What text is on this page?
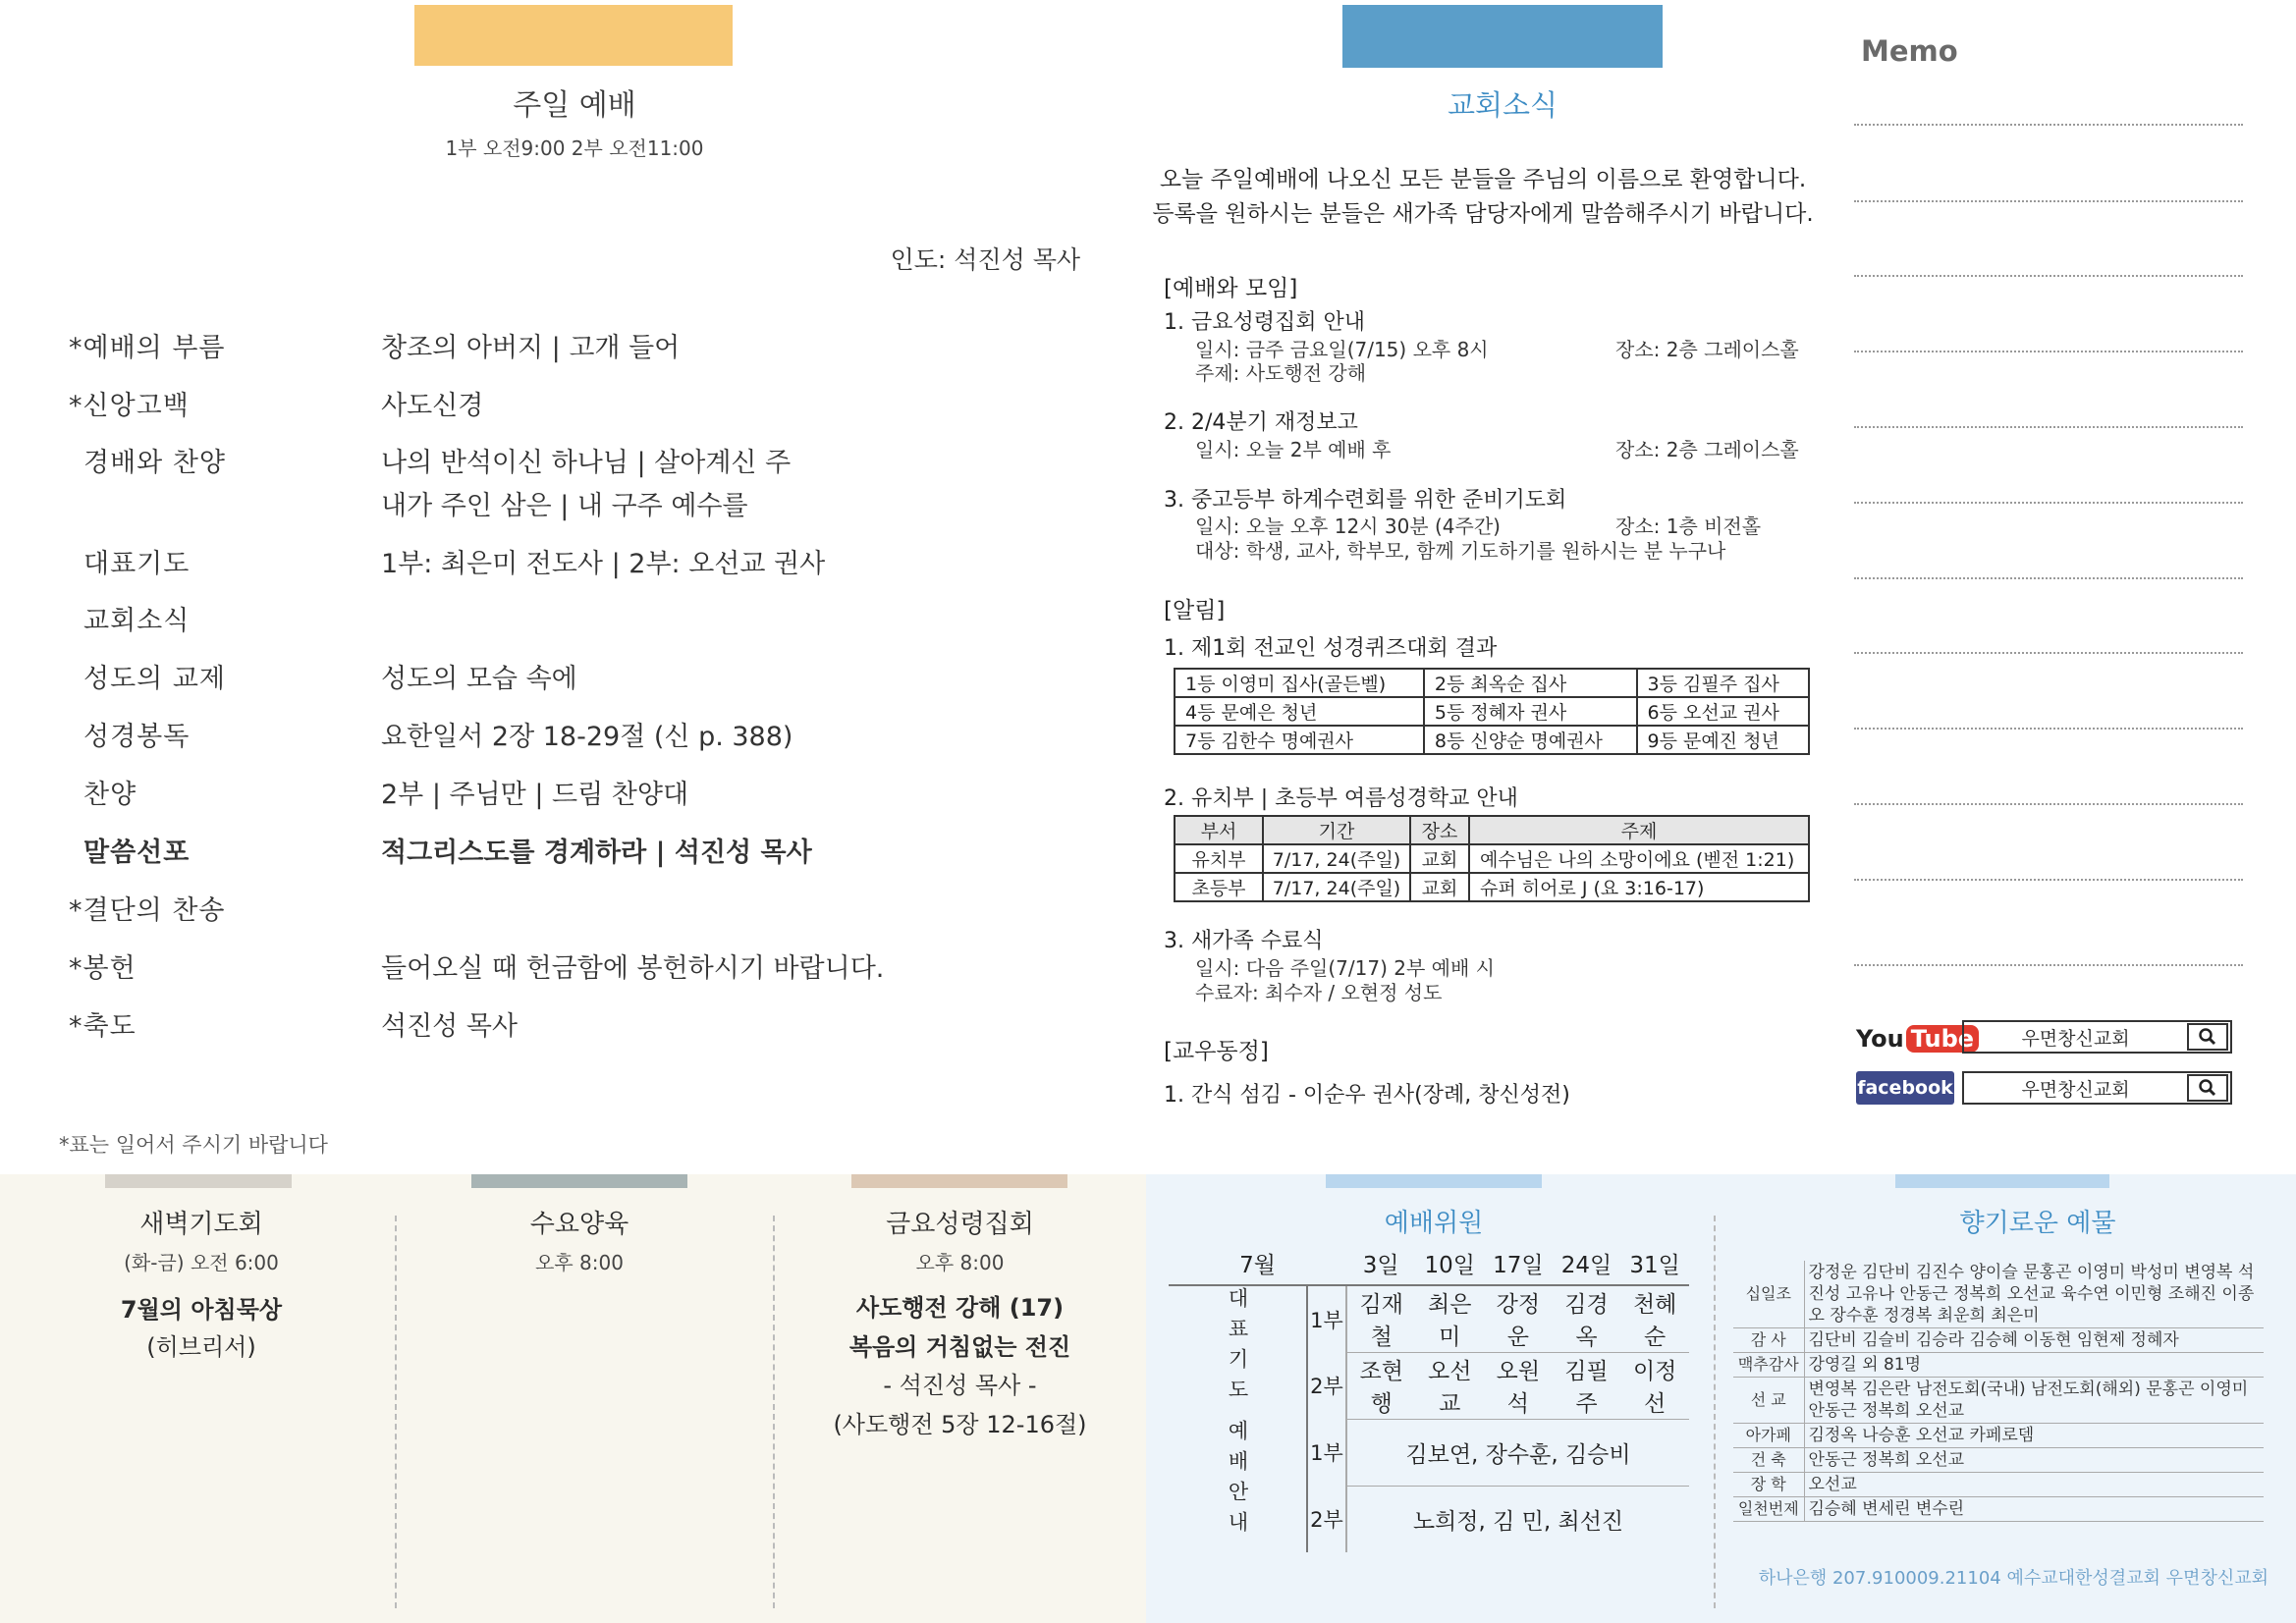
주일 예배
1부 오전9:00 2부 오전11:00
인도: 석진성 목사
*예배의 부름	창조의 아버지 | 고개 들어
*신앙고백	사도신경
경배와 찬양	나의 반석이신 하나님 | 살아계신 주
내가 주인 삼은 | 내 구주 예수를
대표기도	1부: 최은미 전도사 | 2부: 오선교 권사
교회소식
성도의 교제	성도의 모습 속에
성경봉독	요한일서 2장 18-29절 (신 p. 388)
찬양	2부 | 주님만 | 드림 찬양대
말씀선포	적그리스도를 경계하라 | 석진성 목사
*결단의 찬송
*봉헌	들어오실 때 헌금함에 봉헌하시기 바랍니다.
*축도	석진성 목사
*표는 일어서 주시기 바랍니다
교회소식
오늘 주일예배에 나오신 모든 분들을 주님의 이름으로 환영합니다.
등록을 원하시는 분들은 새가족 담당자에게 말씀해주시기 바랍니다.
[예배와 모임]
1. 금요성령집회 안내
일시: 금주 금요일(7/15) 오후 8시	장소: 2층 그레이스홀
주제: 사도행전 강해
2. 2/4분기 재정보고
일시: 오늘 2부 예배 후	장소: 2층 그레이스홀
3. 중고등부 하계수련회를 위한 준비기도회
일시: 오늘 오후 12시 30분 (4주간)	장소: 1층 비전홀
대상: 학생, 교사, 학부모, 함께 기도하기를 원하시는 분 누구나
[알림]
1. 제1회 전교인 성경퀴즈대회 결과
1등 이영미 집사(골든벨)	2등 최옥순 집사	3등 김필주 집사
4등 문예은 청년	5등 정혜자 권사	6등 오선교 권사
7등 김한수 명예권사	8등 신양순 명예권사	9등 문예진 청년
2. 유치부 | 초등부 여름성경학교 안내
부서	기간	장소	주제
유치부	7/17, 24(주일)	교회	예수님은 나의 소망이에요 (벧전 1:21)
초등부	7/17, 24(주일)	교회	슈퍼 히어로 J (요 3:16-17)
3. 새가족 수료식
일시: 다음 주일(7/17) 2부 예배 시
수료자: 최수자 / 오현정 성도
[교우동정]
1. 간식 섬김 - 이순우 권사(장례, 창신성전)
Memo
You Tube	우면창신교회
facebook	우면창신교회
새벽기도회
(화-금) 오전 6:00
7월의 아침묵상
(히브리서)
수요양육
오후 8:00
금요성령집회
오후 8:00
사도행전 강해 (17)
복음의 거침없는 전진
- 석진성 목사 -
(사도행전 5장 12-16절)
예배위원
7월		3일	10일	17일	24일	31일
대표기도	1부	김재철	최은미	강정운	김경옥	천혜순
	2부	조현행	오선교	오원석	김필주	이정선
예배안내	1부	김보연, 장수훈, 김승비				
	2부	노희정, 김 민, 최선진				
향기로운 예물
십일조	강정운 김단비 김진수 양이슬 문홍곤 이영미 박성미 변영복 석진성 고유나 안동근 정복희 오선교 육수연 이민형 조해진 이종오 장수훈 정경복 최운희 최은미
감 사	김단비 김슬비 김승라 김승혜 이동현 임현제 정혜자
맥추감사	강영길 외 81명
선 교	변영복 김은란 남전도회(국내) 남전도회(해외) 문홍곤 이영미 안동근 정복희 오선교
아가페	김정옥 나승훈 오선교 카페로뎀
건 축	안동근 정복희 오선교
장 학	오선교
일천번제	김승혜 변세린 변수린
하나은행 207.910009.21104 예수교대한성결교회 우면창신교회
